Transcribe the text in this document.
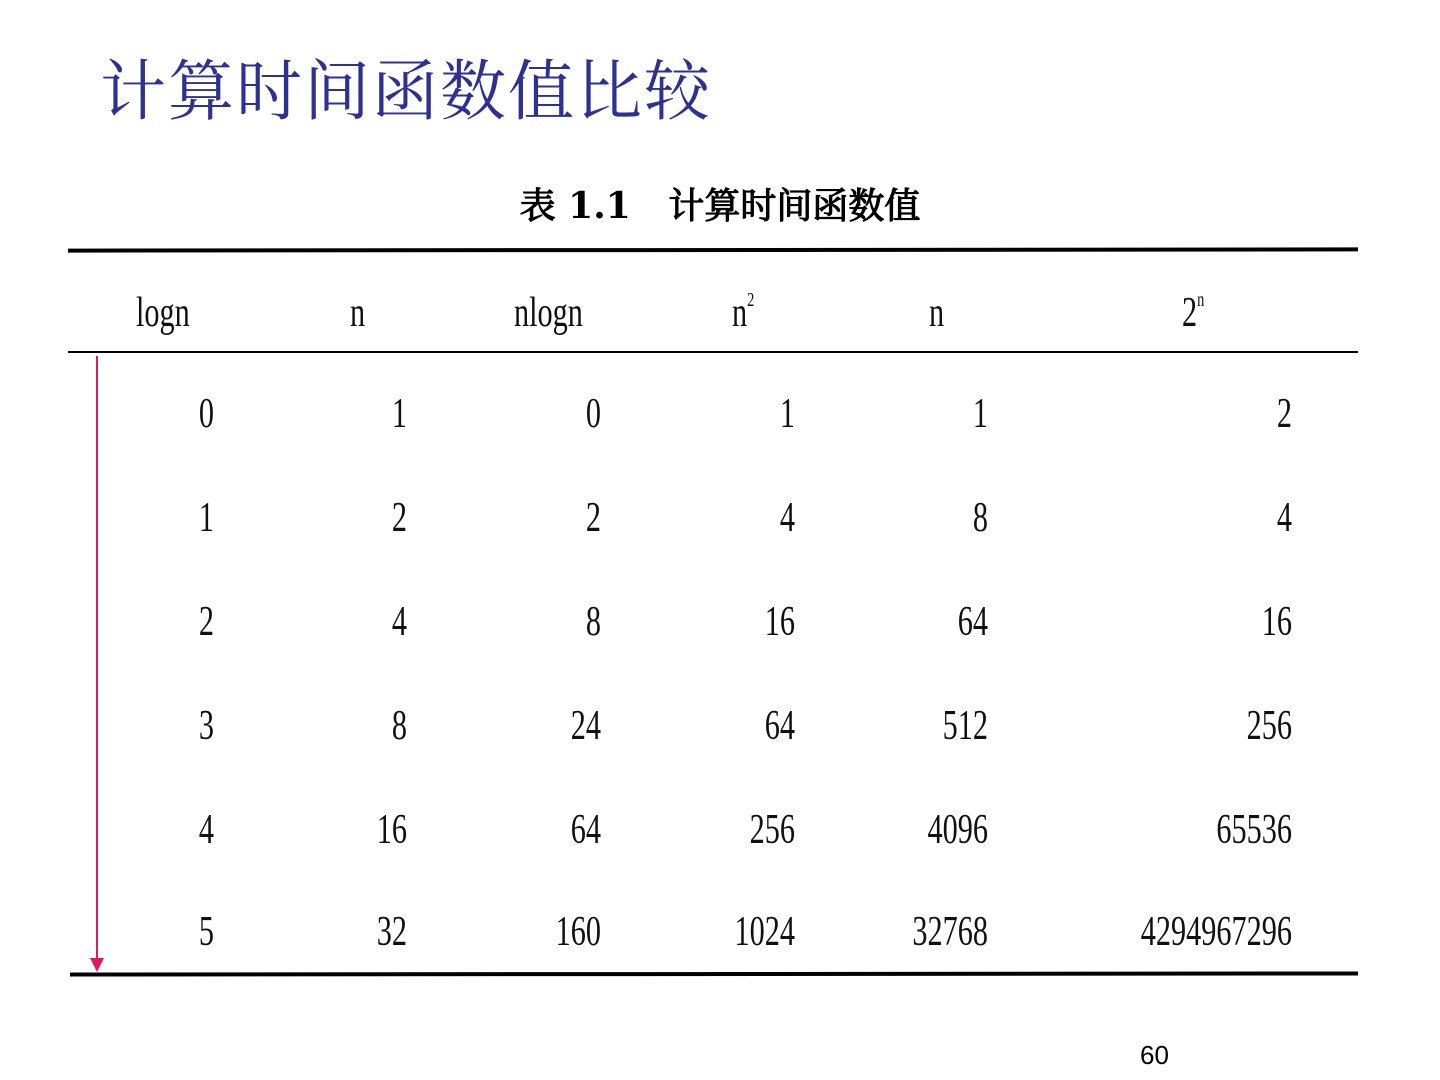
计算时间函数值比较
表 1.1   计算时间函数值
logn	n	nlogn	$n^2$	n	2$^n$
0	1	0	1	1	2
1	2	2	4	8	4
2	4	8	16	64	16
3	8	24	64	512	256
4	16	64	256	4096	65536
5	32	160	1024	32768	4294967296
60
